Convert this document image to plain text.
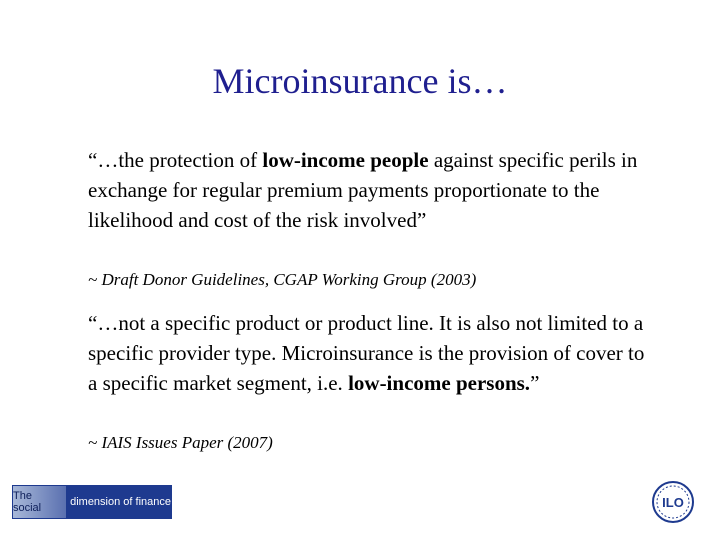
Microinsurance is…
“…the protection of low-income people against specific perils in exchange for regular premium payments proportionate to the likelihood and cost of the risk involved”
~ Draft Donor Guidelines, CGAP Working Group (2003)
“…not a specific product or product line. It is also not limited to a specific provider type. Microinsurance is the provision of cover to a specific market segment, i.e. low-income persons.”
~ IAIS Issues Paper (2007)
The social	dimension of finance	ILO
